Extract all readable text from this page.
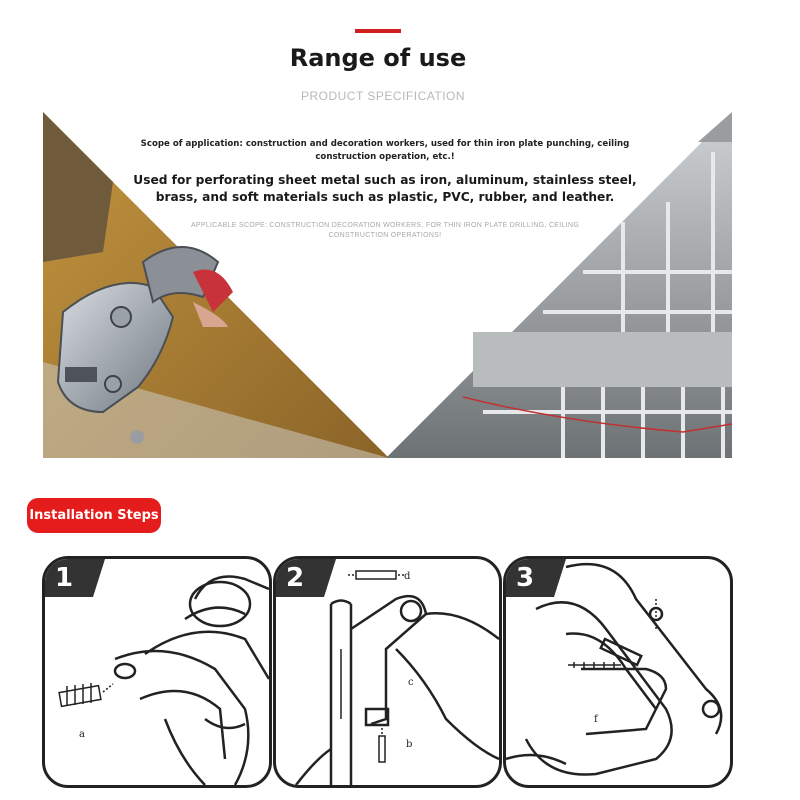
Range of use
PRODUCT SPECIFICATION
Scope of application: construction and decoration workers, used for thin iron plate punching, ceiling construction operation, etc.!
Used for perforating sheet metal such as iron, aluminum, stainless steel, brass, and soft materials such as plastic, PVC, rubber, and leather.
APPLICABLE SCOPE: CONSTRUCTION DECORATION WORKERS, FOR THIN IRON PLATE DRILLING, CEILING CONSTRUCTION OPERATIONS!
Installation Steps
1
a
2	d
c
b
3
f
